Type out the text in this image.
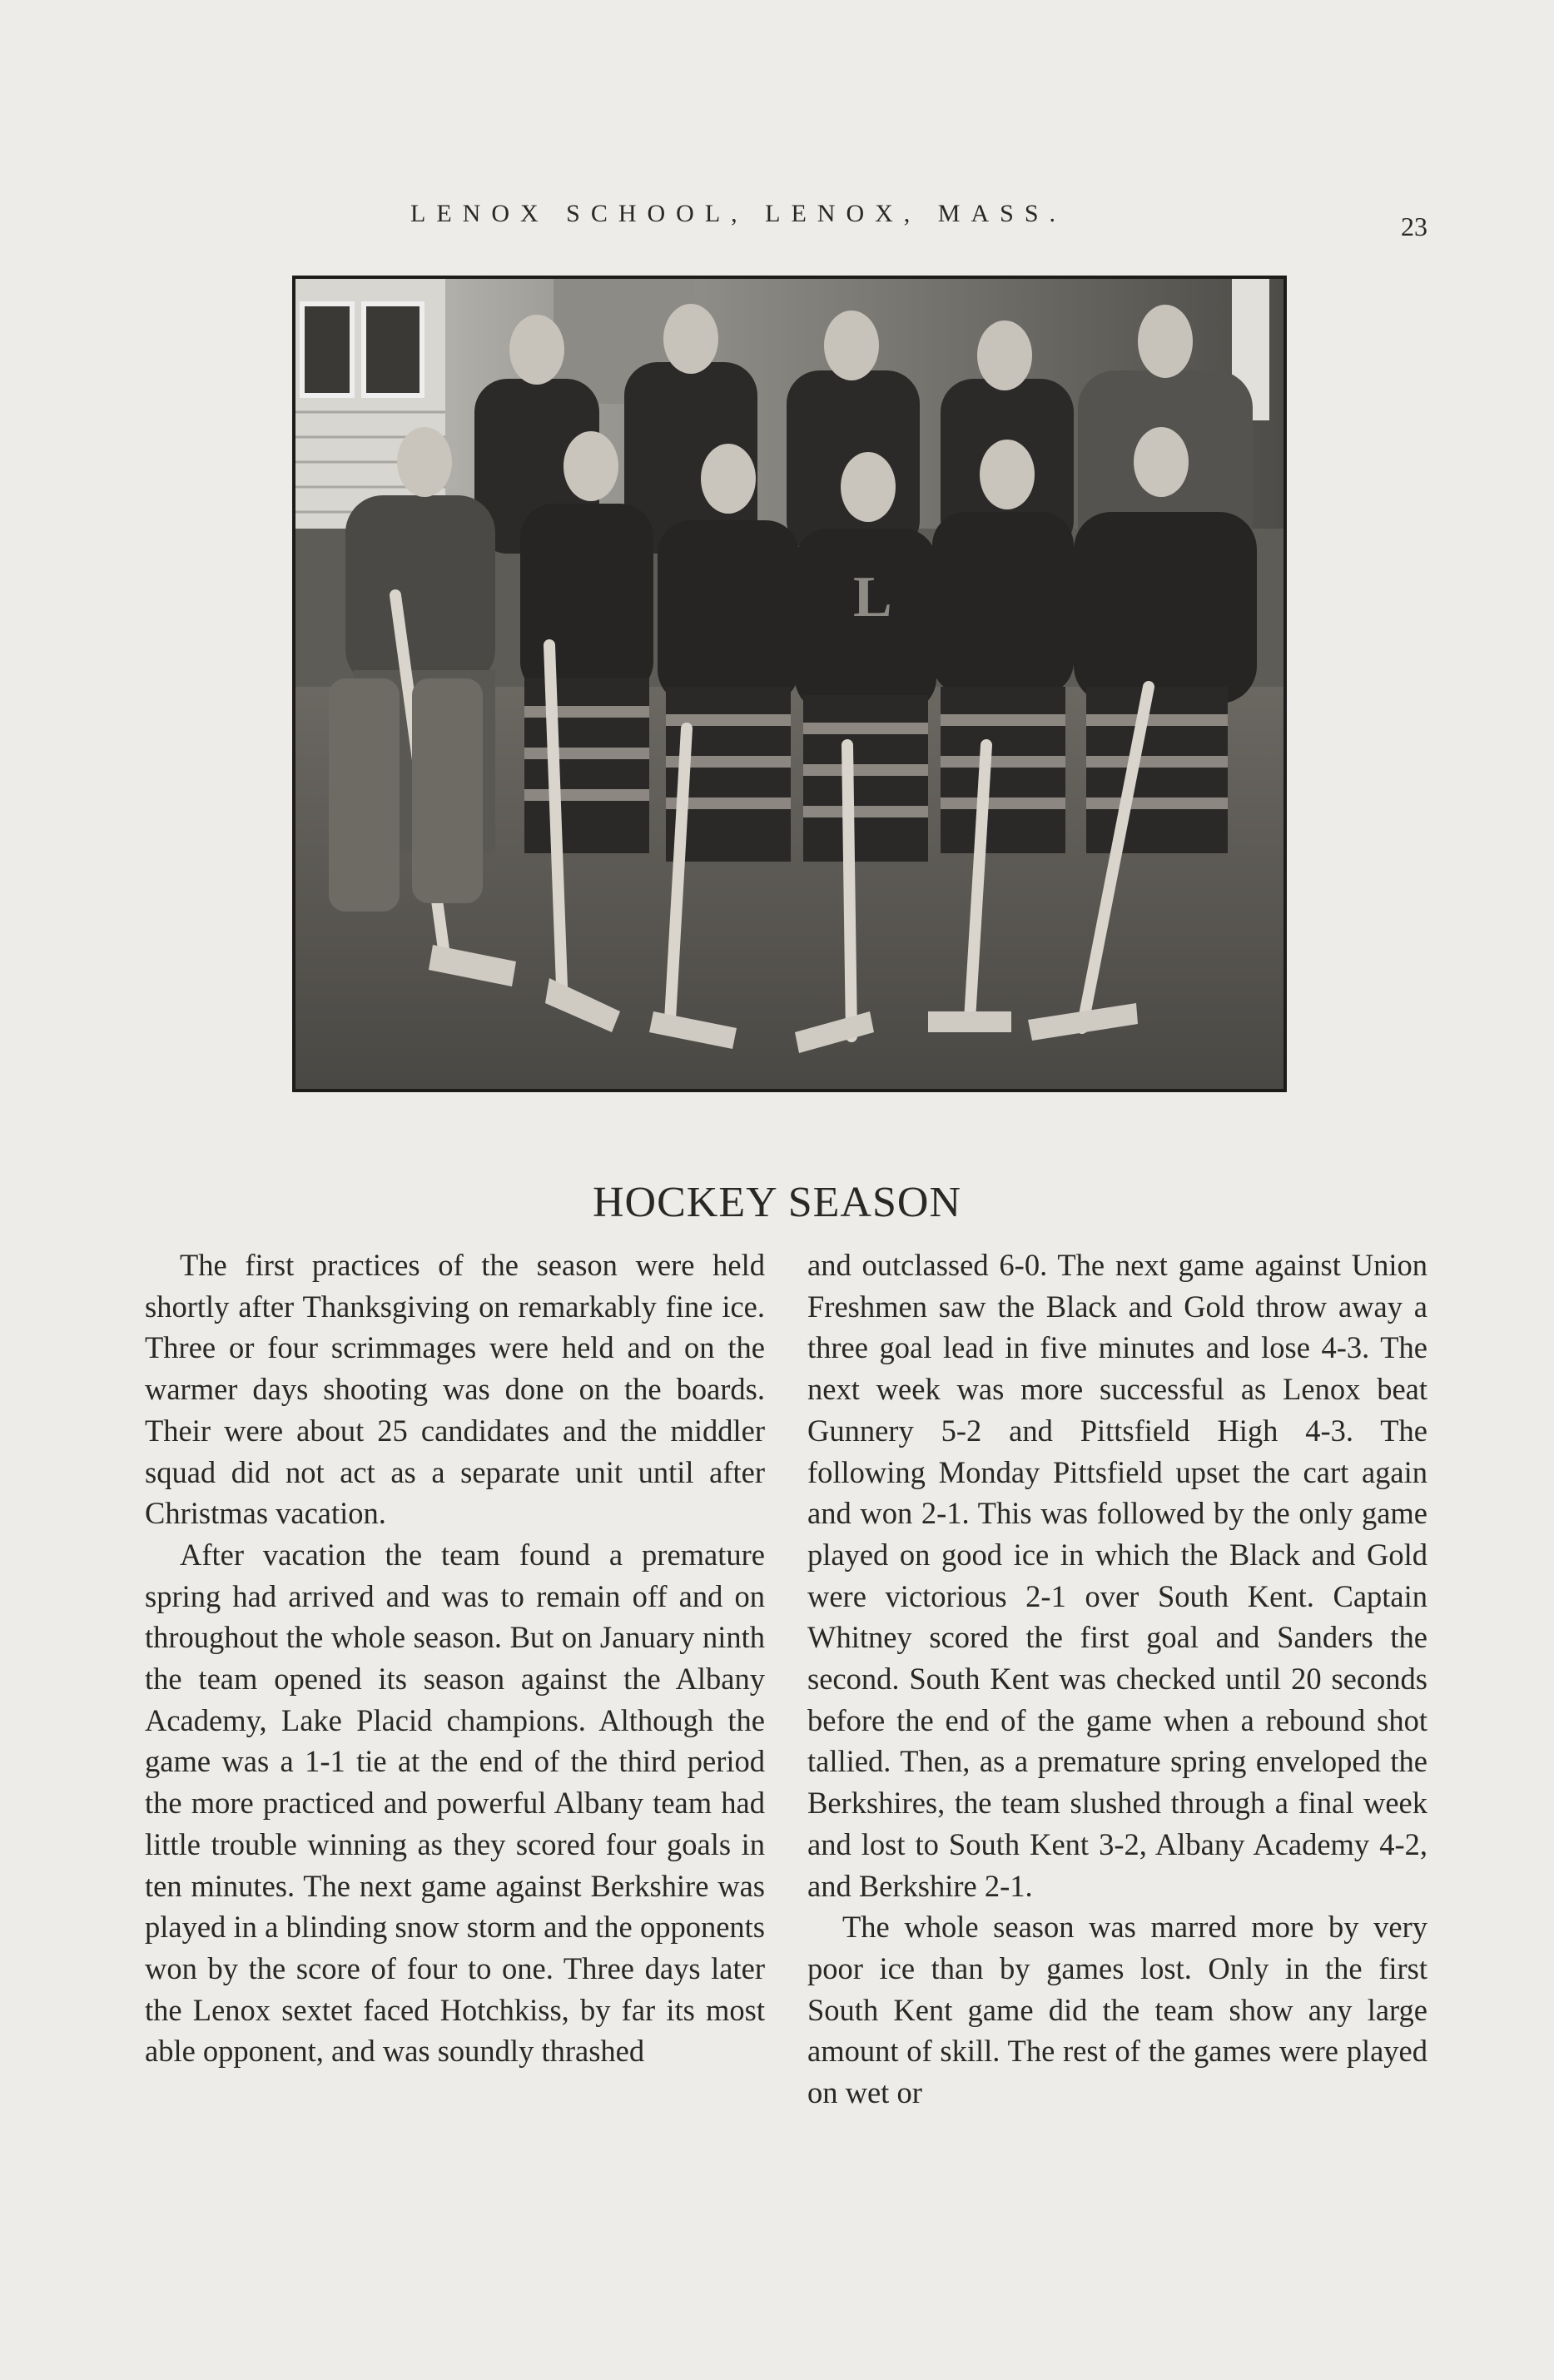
LENOX SCHOOL, LENOX, MASS.	23
L
HOCKEY SEASON

The first practices of the season were held shortly after Thanksgiving on remarkably fine ice. Three or four scrimmages were held and on the warmer days shooting was done on the boards. Their were about 25 candidates and the middler squad did not act as a separate unit until after Christmas vacation.

After vacation the team found a premature spring had arrived and was to remain off and on throughout the whole season. But on January ninth the team opened its season against the Albany Academy, Lake Placid champions. Although the game was a 1-1 tie at the end of the third period the more practiced and powerful Albany team had little trouble winning as they scored four goals in ten minutes. The next game against Berkshire was played in a blinding snow storm and the opponents won by the score of four to one. Three days later the Lenox sextet faced Hotchkiss, by far its most able opponent, and was soundly thrashed

and outclassed 6-0. The next game against Union Freshmen saw the Black and Gold throw away a three goal lead in five minutes and lose 4-3. The next week was more successful as Lenox beat Gunnery 5-2 and Pittsfield High 4-3. The following Monday Pittsfield upset the cart again and won 2-1. This was followed by the only game played on good ice in which the Black and Gold were victorious 2-1 over South Kent. Captain Whitney scored the first goal and Sanders the second. South Kent was checked until 20 seconds before the end of the game when a rebound shot tallied. Then, as a premature spring enveloped the Berkshires, the team slushed through a final week and lost to South Kent 3-2, Albany Academy 4-2, and Berkshire 2-1.

The whole season was marred more by very poor ice than by games lost. Only in the first South Kent game did the team show any large amount of skill. The rest of the games were played on wet or
